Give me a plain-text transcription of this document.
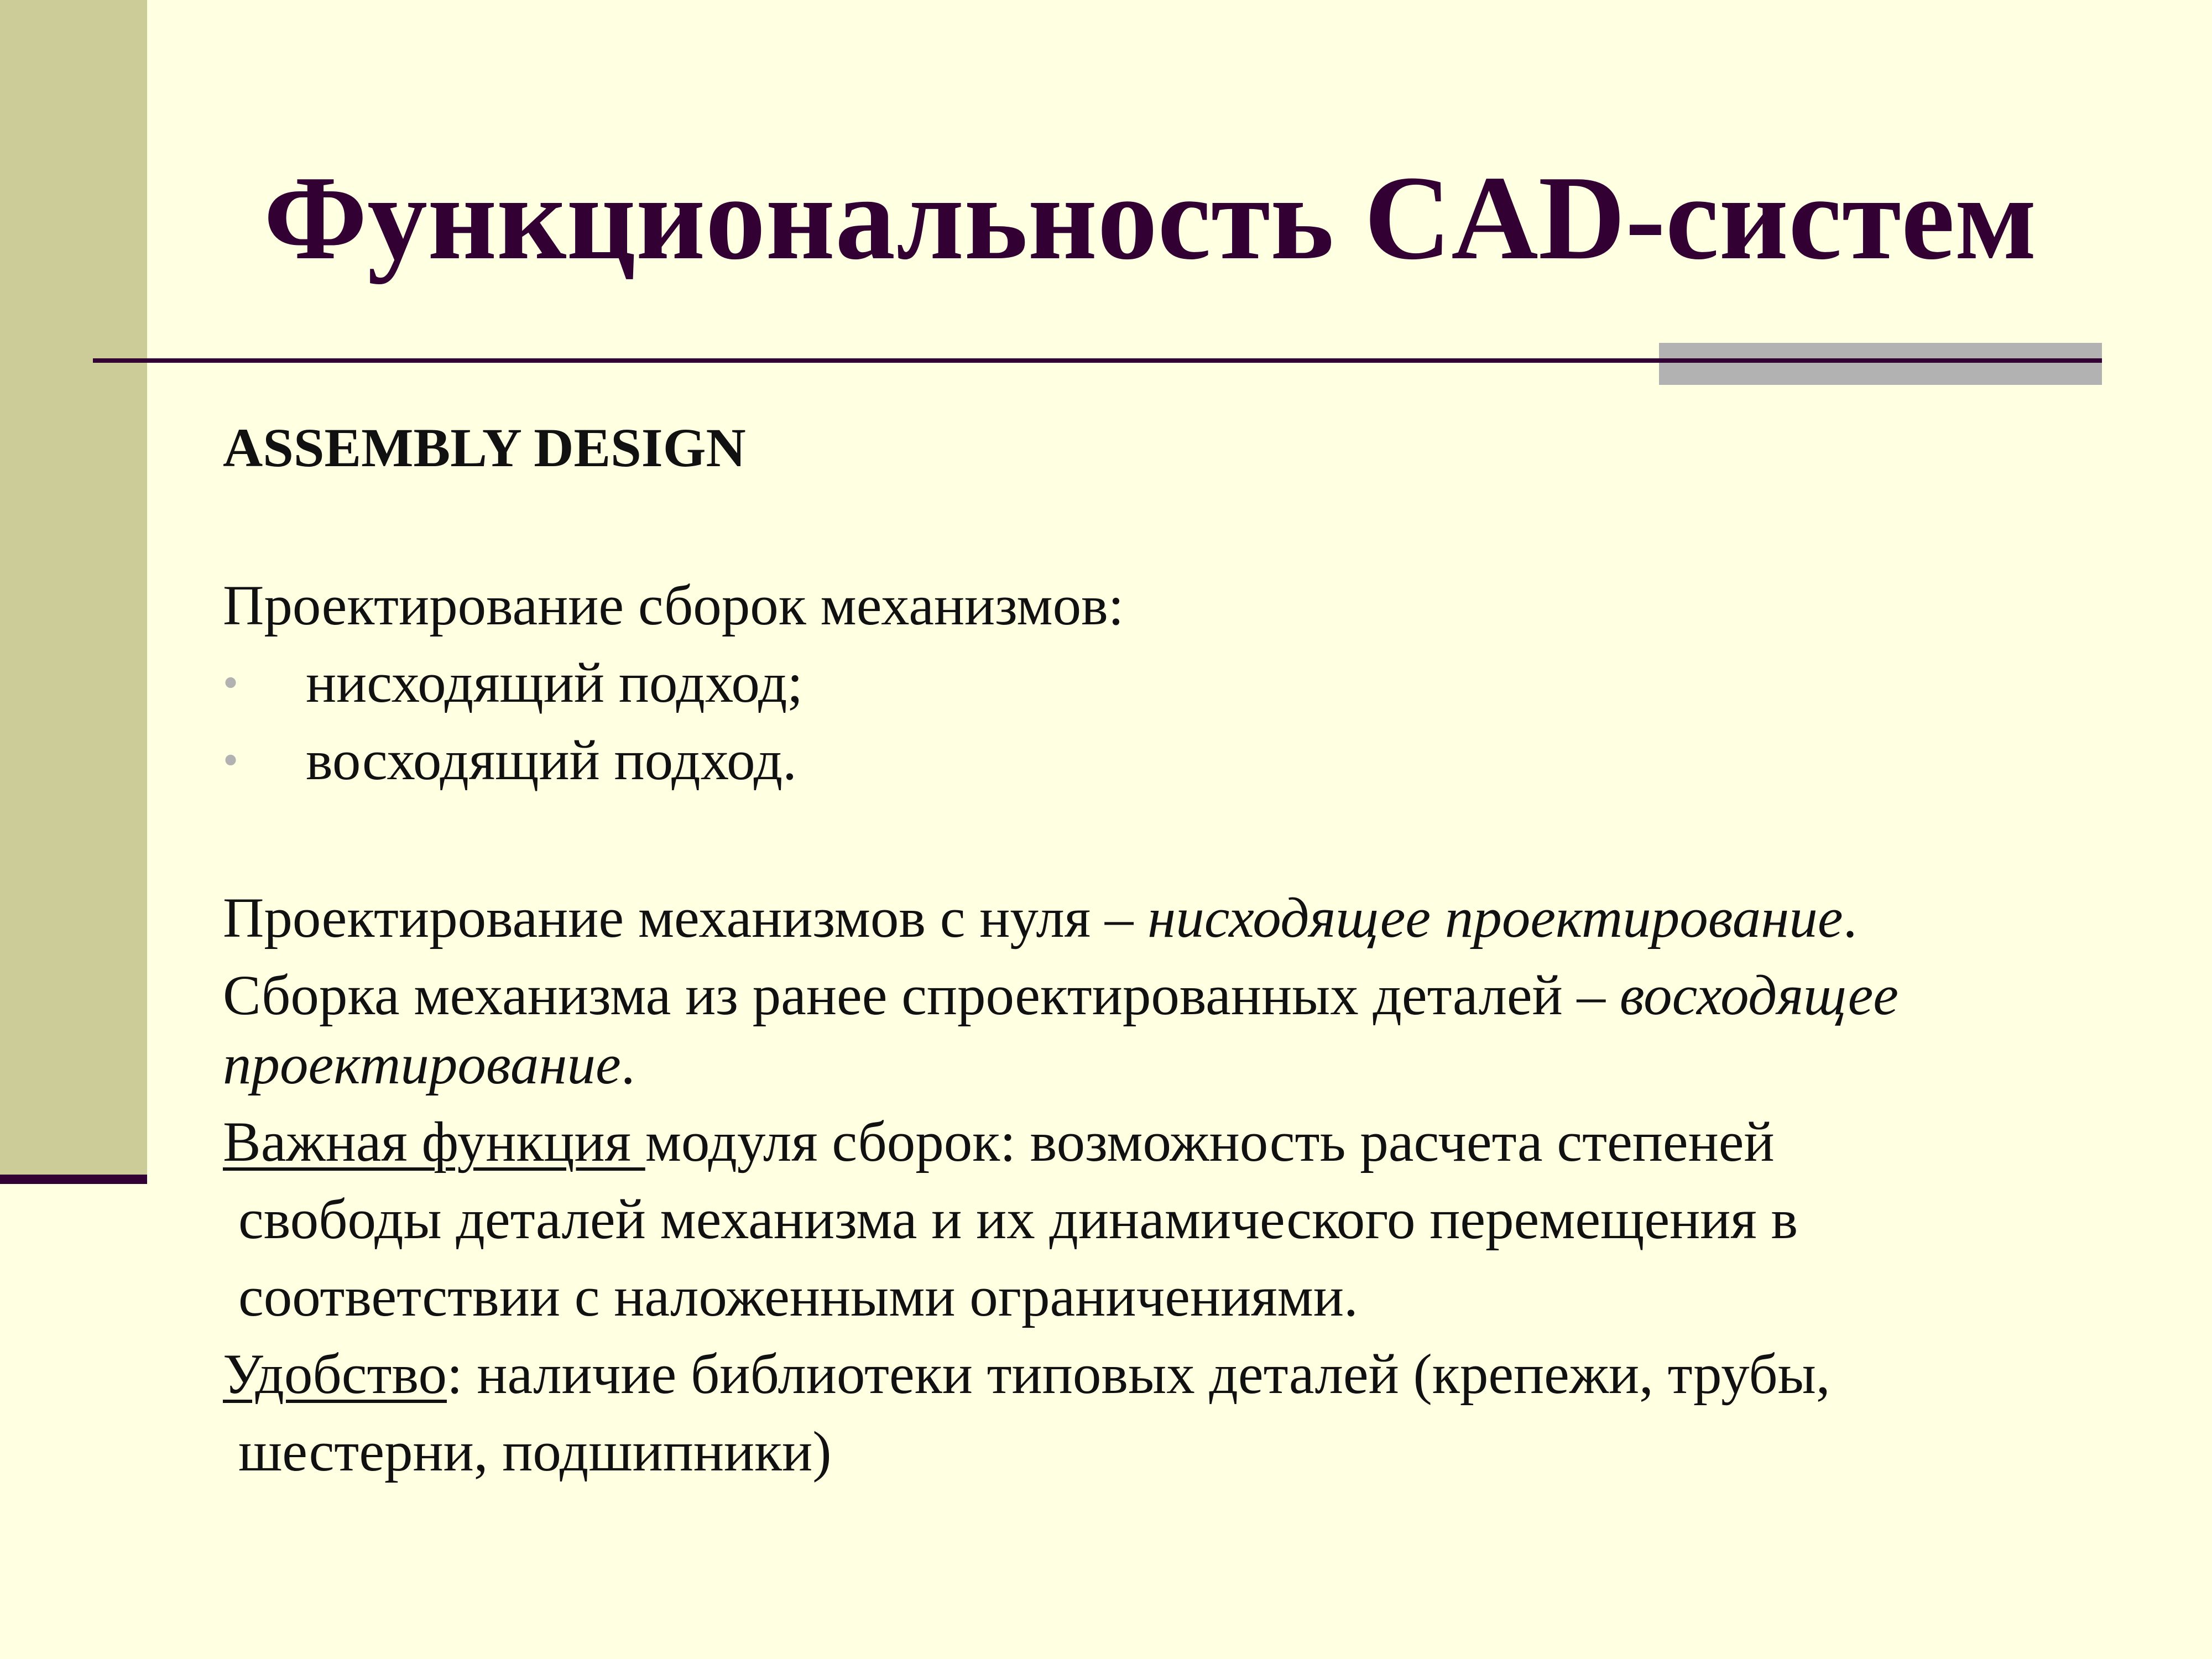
Функциональность CAD-систем
ASSEMBLY DESIGN
Проектирование сборок механизмов:
• нисходящий подход;
• восходящий подход.
Проектирование механизмов с нуля – нисходящее проектирование.
Сборка механизма из ранее спроектированных деталей – восходящее
проектирование.
Важная функция модуля сборок: возможность расчета степеней
свободы деталей механизма и их динамического перемещения в
соответствии с наложенными ограничениями.
Удобство: наличие библиотеки типовых деталей (крепежи, трубы,
шестерни, подшипники)
